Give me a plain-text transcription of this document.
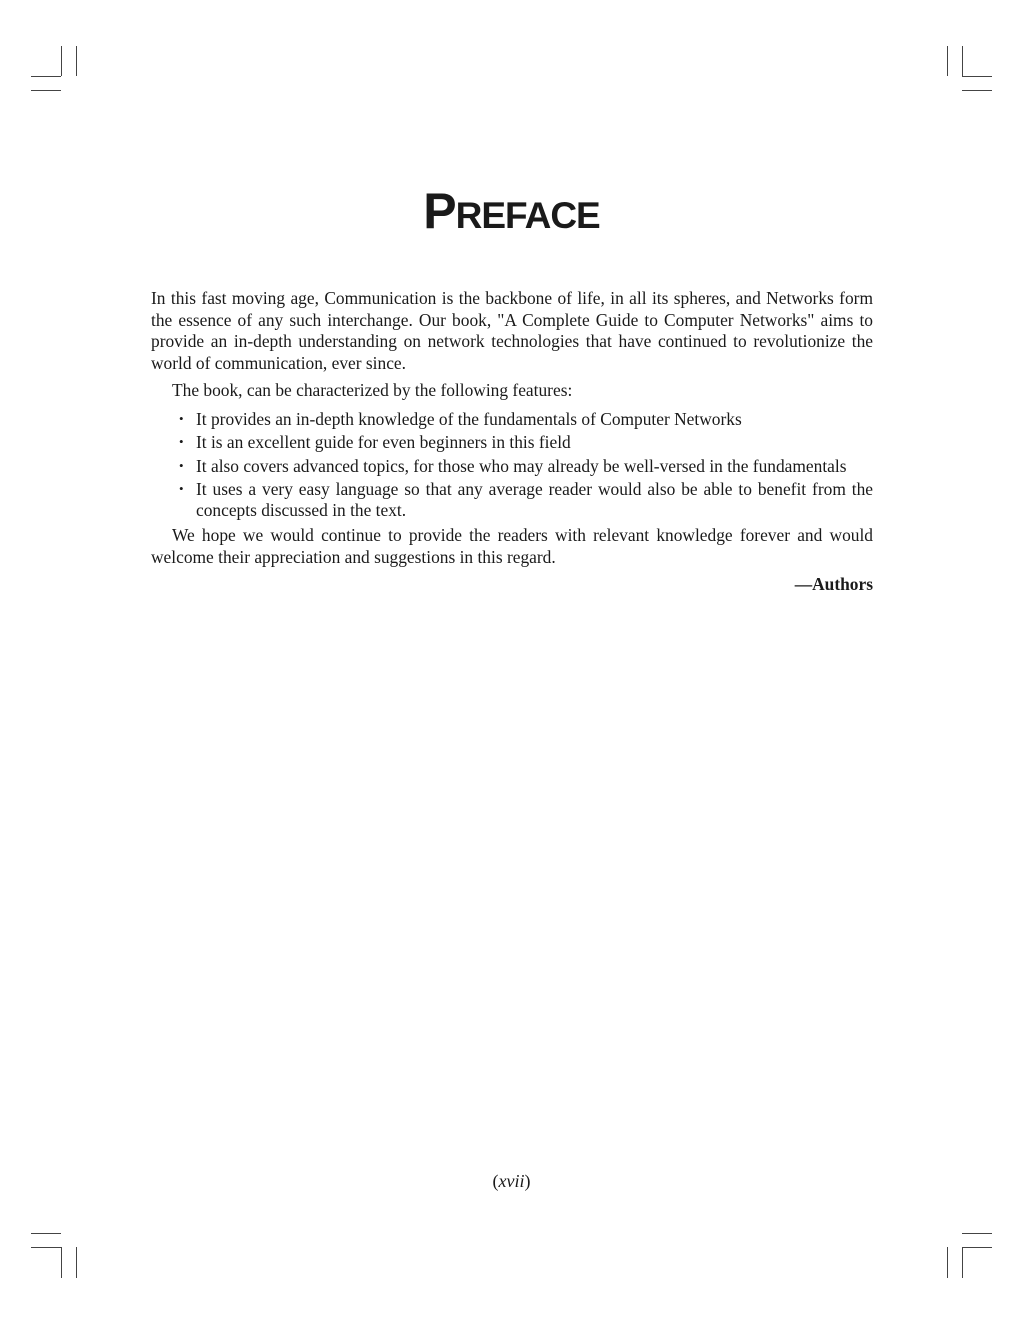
PREFACE

In this fast moving age, Communication is the backbone of life, in all its spheres, and Networks form the essence of any such interchange. Our book, "A Complete Guide to Computer Networks" aims to provide an in-depth understanding on network technologies that have continued to revolutionize the world of communication, ever since.

The book, can be characterized by the following features:

• It provides an in-depth knowledge of the fundamentals of Computer Networks
• It is an excellent guide for even beginners in this field
• It also covers advanced topics, for those who may already be well-versed in the fundamentals
• It uses a very easy language so that any average reader would also be able to benefit from the concepts discussed in the text.

We hope we would continue to provide the readers with relevant knowledge forever and would welcome their appreciation and suggestions in this regard.

—Authors
(xvii)
